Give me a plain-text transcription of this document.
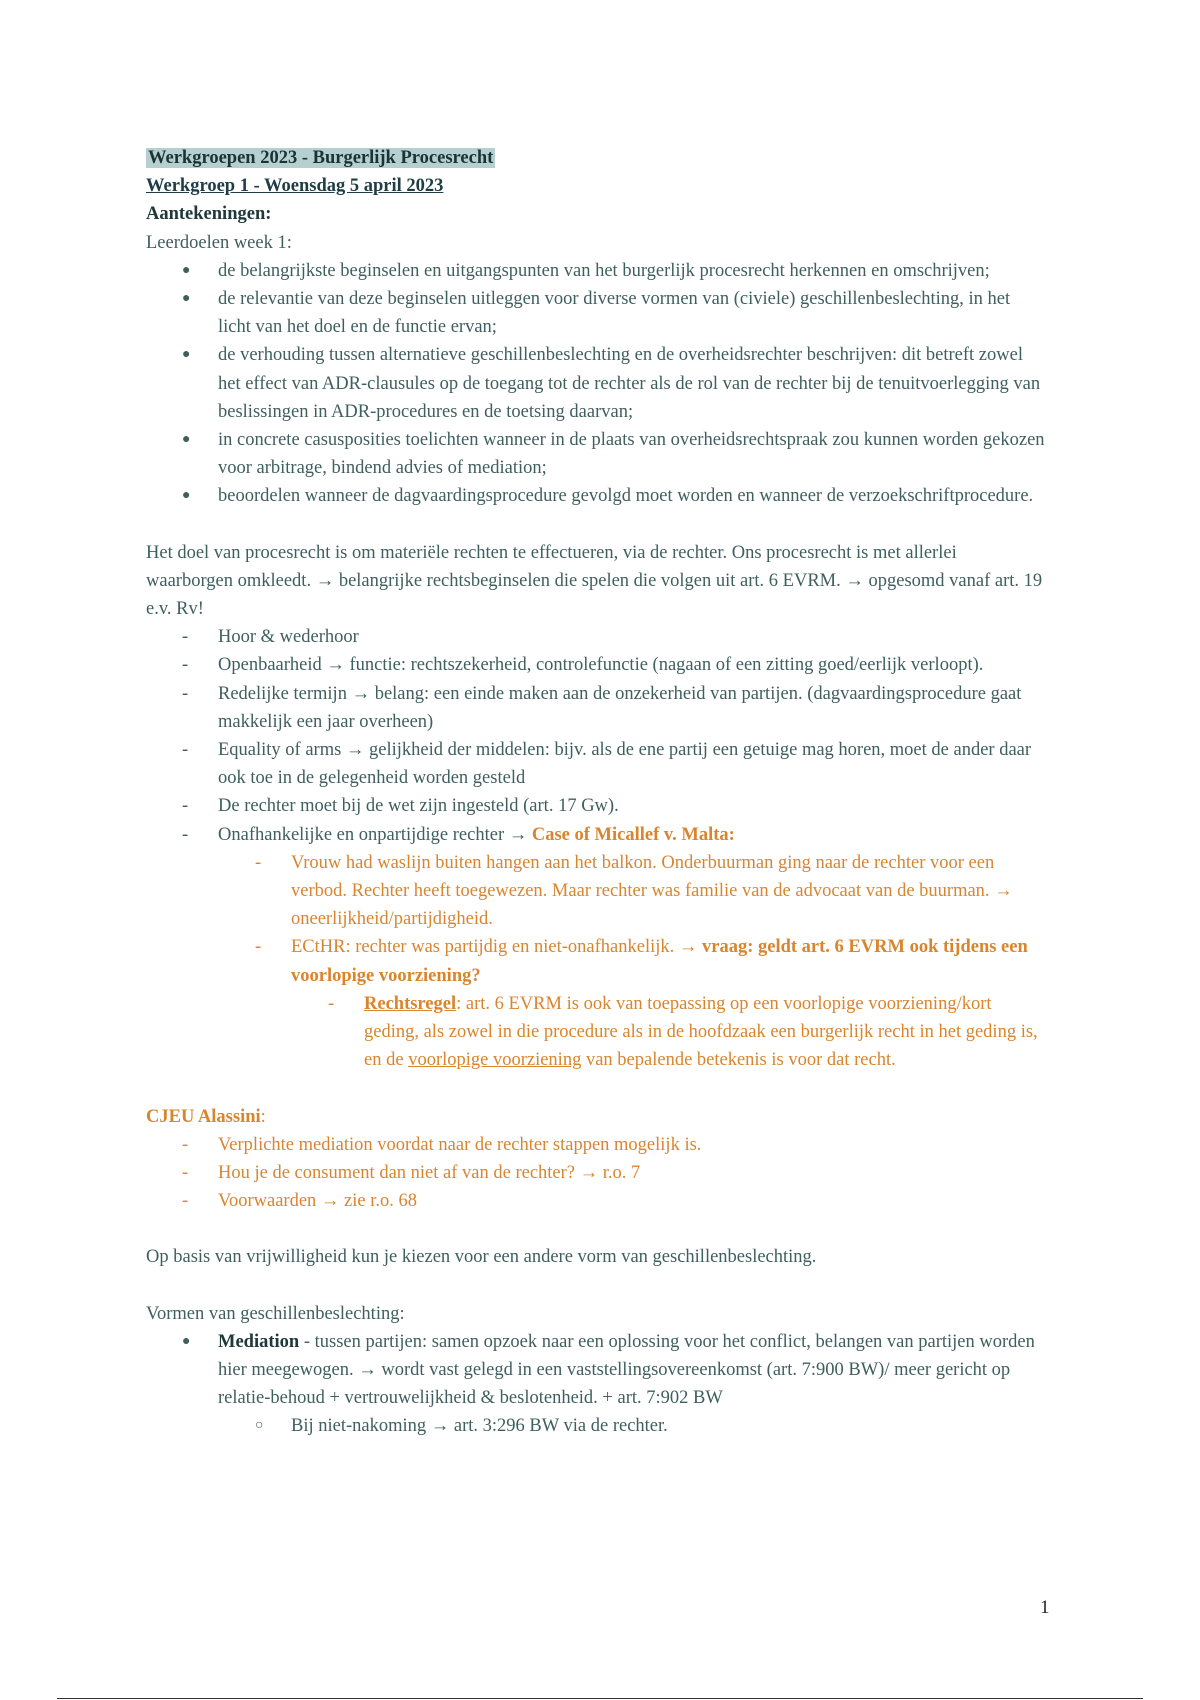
Werkgroepen 2023 - Burgerlijk Procesrecht

Werkgroep 1 - Woensdag 5 april 2023

Aantekeningen:

Leerdoelen week 1:

● de belangrijkste beginselen en uitgangspunten van het burgerlijk procesrecht herkennen en omschrijven;
● de relevantie van deze beginselen uitleggen voor diverse vormen van (civiele) geschillenbeslechting, in het licht van het doel en de functie ervan;
● de verhouding tussen alternatieve geschillenbeslechting en de overheidsrechter beschrijven: dit betreft zowel het effect van ADR-clausules op de toegang tot de rechter als de rol van de rechter bij de tenuitvoerlegging van beslissingen in ADR-procedures en de toetsing daarvan;
● in concrete casusposities toelichten wanneer in de plaats van overheidsrechtspraak zou kunnen worden gekozen voor arbitrage, bindend advies of mediation;
● beoordelen wanneer de dagvaardingsprocedure gevolgd moet worden en wanneer de verzoekschriftprocedure.

Het doel van procesrecht is om materiële rechten te effectueren, via de rechter. Ons procesrecht is met allerlei waarborgen omkleedt. → belangrijke rechtsbeginselen die spelen die volgen uit art. 6 EVRM. → opgesomd vanaf art. 19 e.v. Rv!

- Hoor & wederhoor
- Openbaarheid → functie: rechtszekerheid, controlefunctie (nagaan of een zitting goed/eerlijk verloopt).
- Redelijke termijn → belang: een einde maken aan de onzekerheid van partijen. (dagvaardingsprocedure gaat makkelijk een jaar overheen)
- Equality of arms → gelijkheid der middelen: bijv. als de ene partij een getuige mag horen, moet de ander daar ook toe in de gelegenheid worden gesteld
- De rechter moet bij de wet zijn ingesteld (art. 17 Gw).
- Onafhankelijke en onpartijdige rechter → Case of Micallef v. Malta:
- Vrouw had waslijn buiten hangen aan het balkon. Onderbuurman ging naar de rechter voor een verbod. Rechter heeft toegewezen. Maar rechter was familie van de advocaat van de buurman. → oneerlijkheid/partijdigheid.
- ECtHR: rechter was partijdig en niet-onafhankelijk. → vraag: geldt art. 6 EVRM ook tijdens een voorlopige voorziening?
- Rechtsregel: art. 6 EVRM is ook van toepassing op een voorlopige voorziening/kort geding, als zowel in die procedure als in de hoofdzaak een burgerlijk recht in het geding is, en de voorlopige voorziening van bepalende betekenis is voor dat recht.

CJEU Alassini:

- Verplichte mediation voordat naar de rechter stappen mogelijk is.
- Hou je de consument dan niet af van de rechter? → r.o. 7
- Voorwaarden → zie r.o. 68

Op basis van vrijwilligheid kun je kiezen voor een andere vorm van geschillenbeslechting.

Vormen van geschillenbeslechting:

● Mediation - tussen partijen: samen opzoek naar een oplossing voor het conflict, belangen van partijen worden hier meegewogen. → wordt vast gelegd in een vaststellingsovereenkomst (art. 7:900 BW)/ meer gericht op relatie-behoud + vertrouwelijkheid & beslotenheid. + art. 7:902 BW
○ Bij niet-nakoming → art. 3:296 BW via de rechter.
1
